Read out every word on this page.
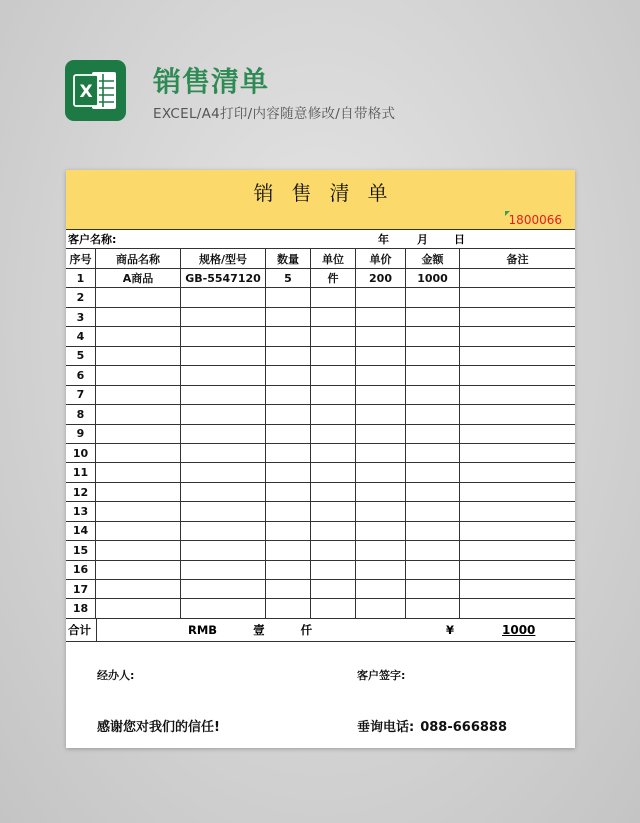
X 销售清单
EXCEL/A4打印/内容随意修改/自带格式
销售清单
1800066
客户名称:	年	月 日
序号	商品名称	规格/型号	数量	单位	单价	金额	备注
1	A商品	GB-5547120	5	件	200	1000
2
3
4
5
6
7
8
9
10
11
12
13
14
15
16
17
18
合计	RMB	壹	仟	¥	1000
经办人:	客户签字:
感谢您对我们的信任!	垂询电话: 088-666888
